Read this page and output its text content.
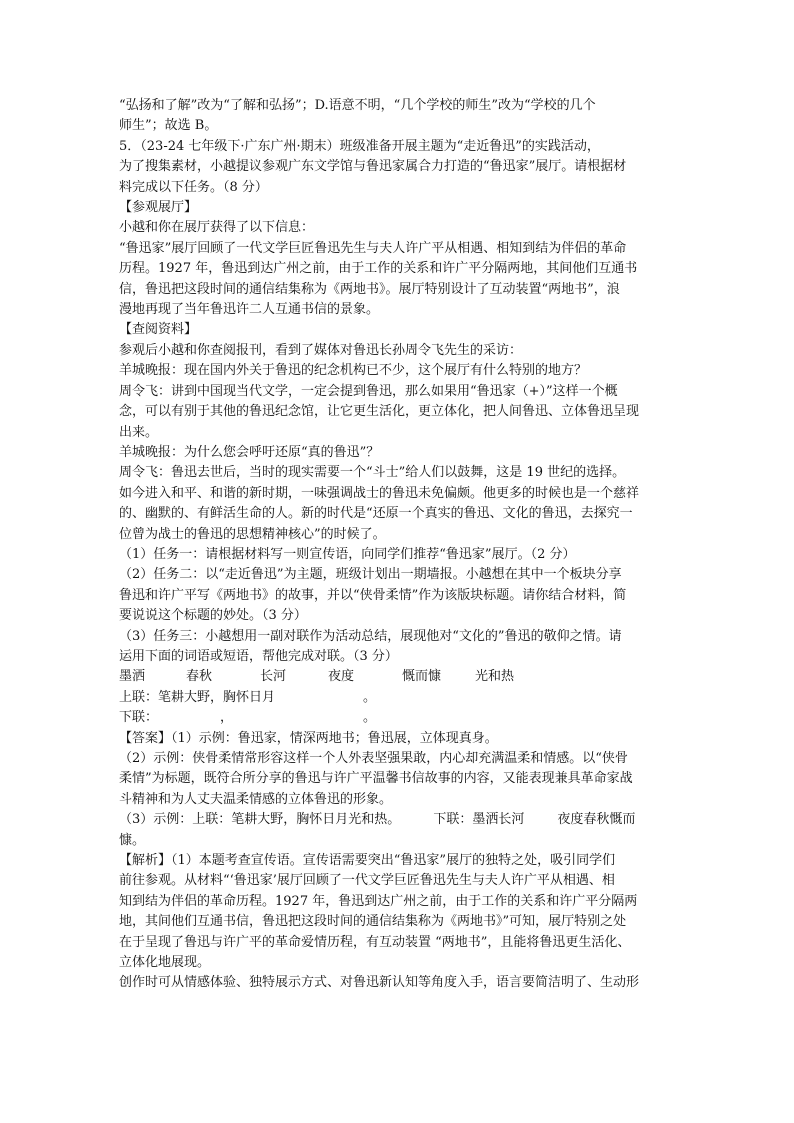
“弘扬和了解”改为“了解和弘扬”；D.语意不明，“几个学校的师生”改为“学校的几个
师生”；故选 B。
5．（23-24 七年级下·广东广州·期末）班级准备开展主题为“走近鲁迅”的实践活动，
为了搜集素材，小越提议参观广东文学馆与鲁迅家属合力打造的“鲁迅家”展厅。请根据材
料完成以下任务。（8 分）
【参观展厅】
小越和你在展厅获得了以下信息：
“鲁迅家”展厅回顾了一代文学巨匠鲁迅先生与夫人许广平从相遇、相知到结为伴侣的革命
历程。1927 年，鲁迅到达广州之前，由于工作的关系和许广平分隔两地，其间他们互通书
信，鲁迅把这段时间的通信结集称为《两地书》。展厅特别设计了互动装置“两地书”，浪
漫地再现了当年鲁迅许二人互通书信的景象。
【查阅资料】
参观后小越和你查阅报刊，看到了媒体对鲁迅长孙周令飞先生的采访：
羊城晚报：现在国内外关于鲁迅的纪念机构已不少，这个展厅有什么特别的地方？
周令飞：讲到中国现当代文学，一定会提到鲁迅，那么如果用“鲁迅家（+）”这样一个概
念，可以有别于其他的鲁迅纪念馆，让它更生活化，更立体化，把人间鲁迅、立体鲁迅呈现
出来。
羊城晚报：为什么您会呼吁还原“真的鲁迅”？
周令飞：鲁迅去世后，当时的现实需要一个“斗士”给人们以鼓舞，这是 19 世纪的选择。
如今进入和平、和谐的新时期，一味强调战士的鲁迅未免偏颇。他更多的时候也是一个慈祥
的、幽默的、有鲜活生命的人。新的时代是“还原一个真实的鲁迅、文化的鲁迅，去探究一
位曾为战士的鲁迅的思想精神核心”的时候了。
（1）任务一：请根据材料写一则宣传语，向同学们推荐“鲁迅家”展厅。（2 分）
（2）任务二：以“走近鲁迅”为主题，班级计划出一期墙报。小越想在其中一个板块分享
鲁迅和许广平写《两地书》的故事，并以“侠骨柔情”作为该版块标题。请你结合材料，简
要说说这个标题的妙处。（3 分）
（3）任务三：小越想用一副对联作为活动总结，展现他对“文化的”鲁迅的敬仰之情。请
运用下面的词语或短语，帮他完成对联。（3 分）
墨洒	春秋	长河	夜度	慨而慷	光和热
上联：笔耕大野，胸怀日月	。
下联：	，	。
【答案】（1）示例：鲁迅家，情深两地书；鲁迅展，立体现真身。
（2）示例：侠骨柔情常形容这样一个人外表坚强果敢，内心却充满温柔和情感。以“侠骨
柔情”为标题，既符合所分享的鲁迅与许广平温馨书信故事的内容，又能表现兼具革命家战
斗精神和为人丈夫温柔情感的立体鲁迅的形象。
（3）示例：上联：笔耕大野，胸怀日月光和热。        下联：墨洒长河        夜度春秋慨而
慷。
【解析】（1）本题考查宣传语。宣传语需要突出“鲁迅家”展厅的独特之处，吸引同学们
前往参观。从材料“‘鲁迅家’展厅回顾了一代文学巨匠鲁迅先生与夫人许广平从相遇、相
知到结为伴侣的革命历程。1927 年，鲁迅到达广州之前，由于工作的关系和许广平分隔两
地，其间他们互通书信，鲁迅把这段时间的通信结集称为《两地书》”可知，展厅特别之处
在于呈现了鲁迅与许广平的革命爱情历程，有互动装置 “两地书”，且能将鲁迅更生活化、
立体化地展现。
创作时可从情感体验、独特展示方式、对鲁迅新认知等角度入手，语言要简洁明了、生动形
